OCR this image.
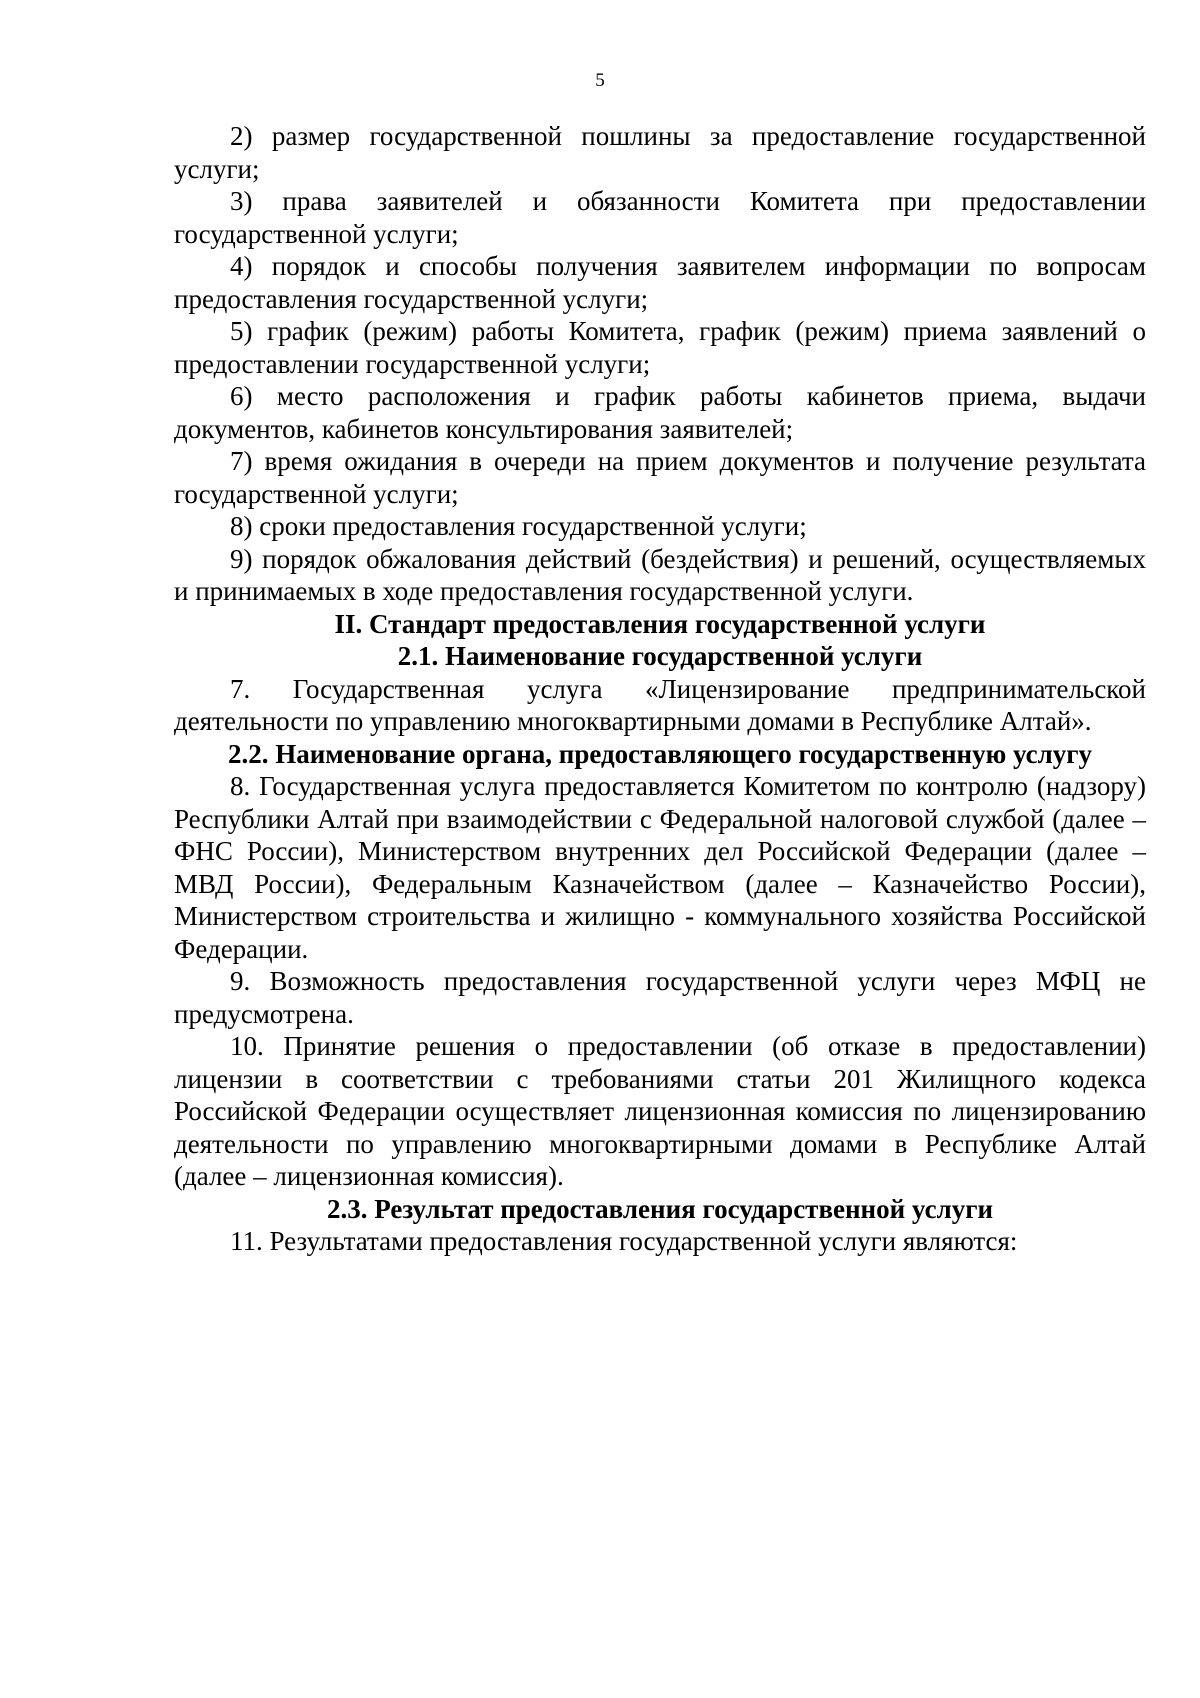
5

2) размер государственной пошлины за предоставление государственной услуги;

3) права заявителей и обязанности Комитета при предоставлении государственной услуги;

4) порядок и способы получения заявителем информации по вопросам предоставления государственной услуги;

5) график (режим) работы Комитета, график (режим) приема заявлений о предоставлении государственной услуги;

6) место расположения и график работы кабинетов приема, выдачи документов, кабинетов консультирования заявителей;

7) время ожидания в очереди на прием документов и получение результата государственной услуги;

8) сроки предоставления государственной услуги;

9) порядок обжалования действий (бездействия) и решений, осуществляемых и принимаемых в ходе предоставления государственной услуги.

II. Стандарт предоставления государственной услуги
2.1. Наименование государственной услуги

7. Государственная услуга «Лицензирование предпринимательской деятельности по управлению многоквартирными домами в Республике Алтай».

2.2. Наименование органа, предоставляющего государственную услугу

8. Государственная услуга предоставляется Комитетом по контролю (надзору) Республики Алтай при взаимодействии с Федеральной налоговой службой (далее – ФНС России), Министерством внутренних дел Российской Федерации (далее – МВД России), Федеральным Казначейством (далее – Казначейство России), Министерством строительства и жилищно - коммунального хозяйства Российской Федерации.

9. Возможность предоставления государственной услуги через МФЦ не предусмотрена.

10. Принятие решения о предоставлении (об отказе в предоставлении) лицензии в соответствии с требованиями статьи 201 Жилищного кодекса Российской Федерации осуществляет лицензионная комиссия по лицензированию деятельности по управлению многоквартирными домами в Республике Алтай (далее – лицензионная комиссия).

2.3. Результат предоставления государственной услуги

11. Результатами предоставления государственной услуги являются:
